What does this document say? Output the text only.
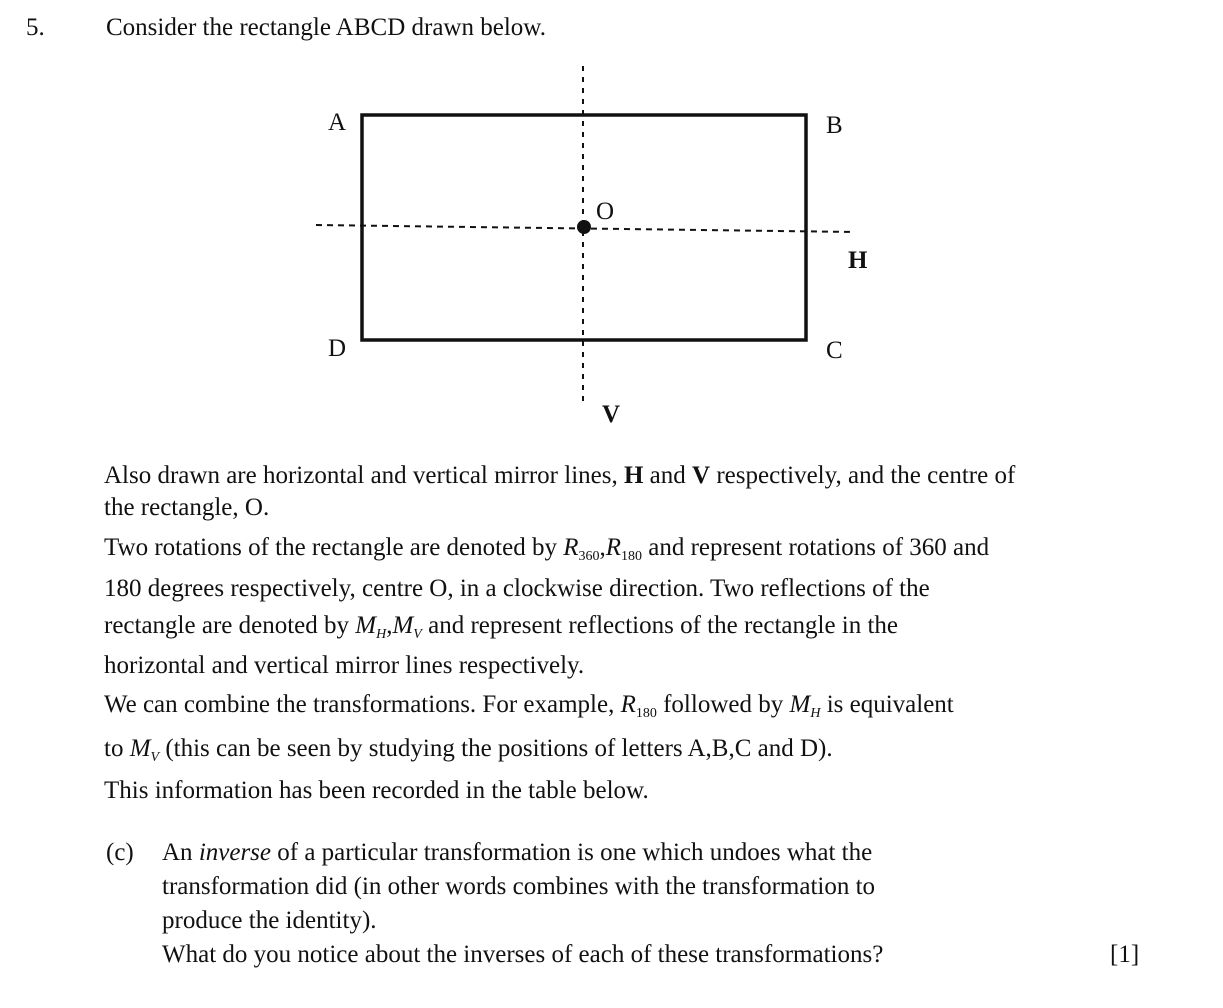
5. Consider the rectangle ABCD drawn below.
A	B
D	C
O
H
V
Also drawn are horizontal and vertical mirror lines, H and V respectively, and the centre of
the rectangle, O.
Two rotations of the rectangle are denoted by $R_{360},R_{180}$ and represent rotations of 360 and
180 degrees respectively, centre O, in a clockwise direction. Two reflections of the
rectangle are denoted by $M_H,M_V$ and represent reflections of the rectangle in the
horizontal and vertical mirror lines respectively.
We can combine the transformations. For example, $R_{180}$ followed by $M_H$ is equivalent
to $M_V$ (this can be seen by studying the positions of letters A,B,C and D).
This information has been recorded in the table below.
(c) An inverse of a particular transformation is one which undoes what the
transformation did (in other words combines with the transformation to
produce the identity).
What do you notice about the inverses of each of these transformations?	[1]
